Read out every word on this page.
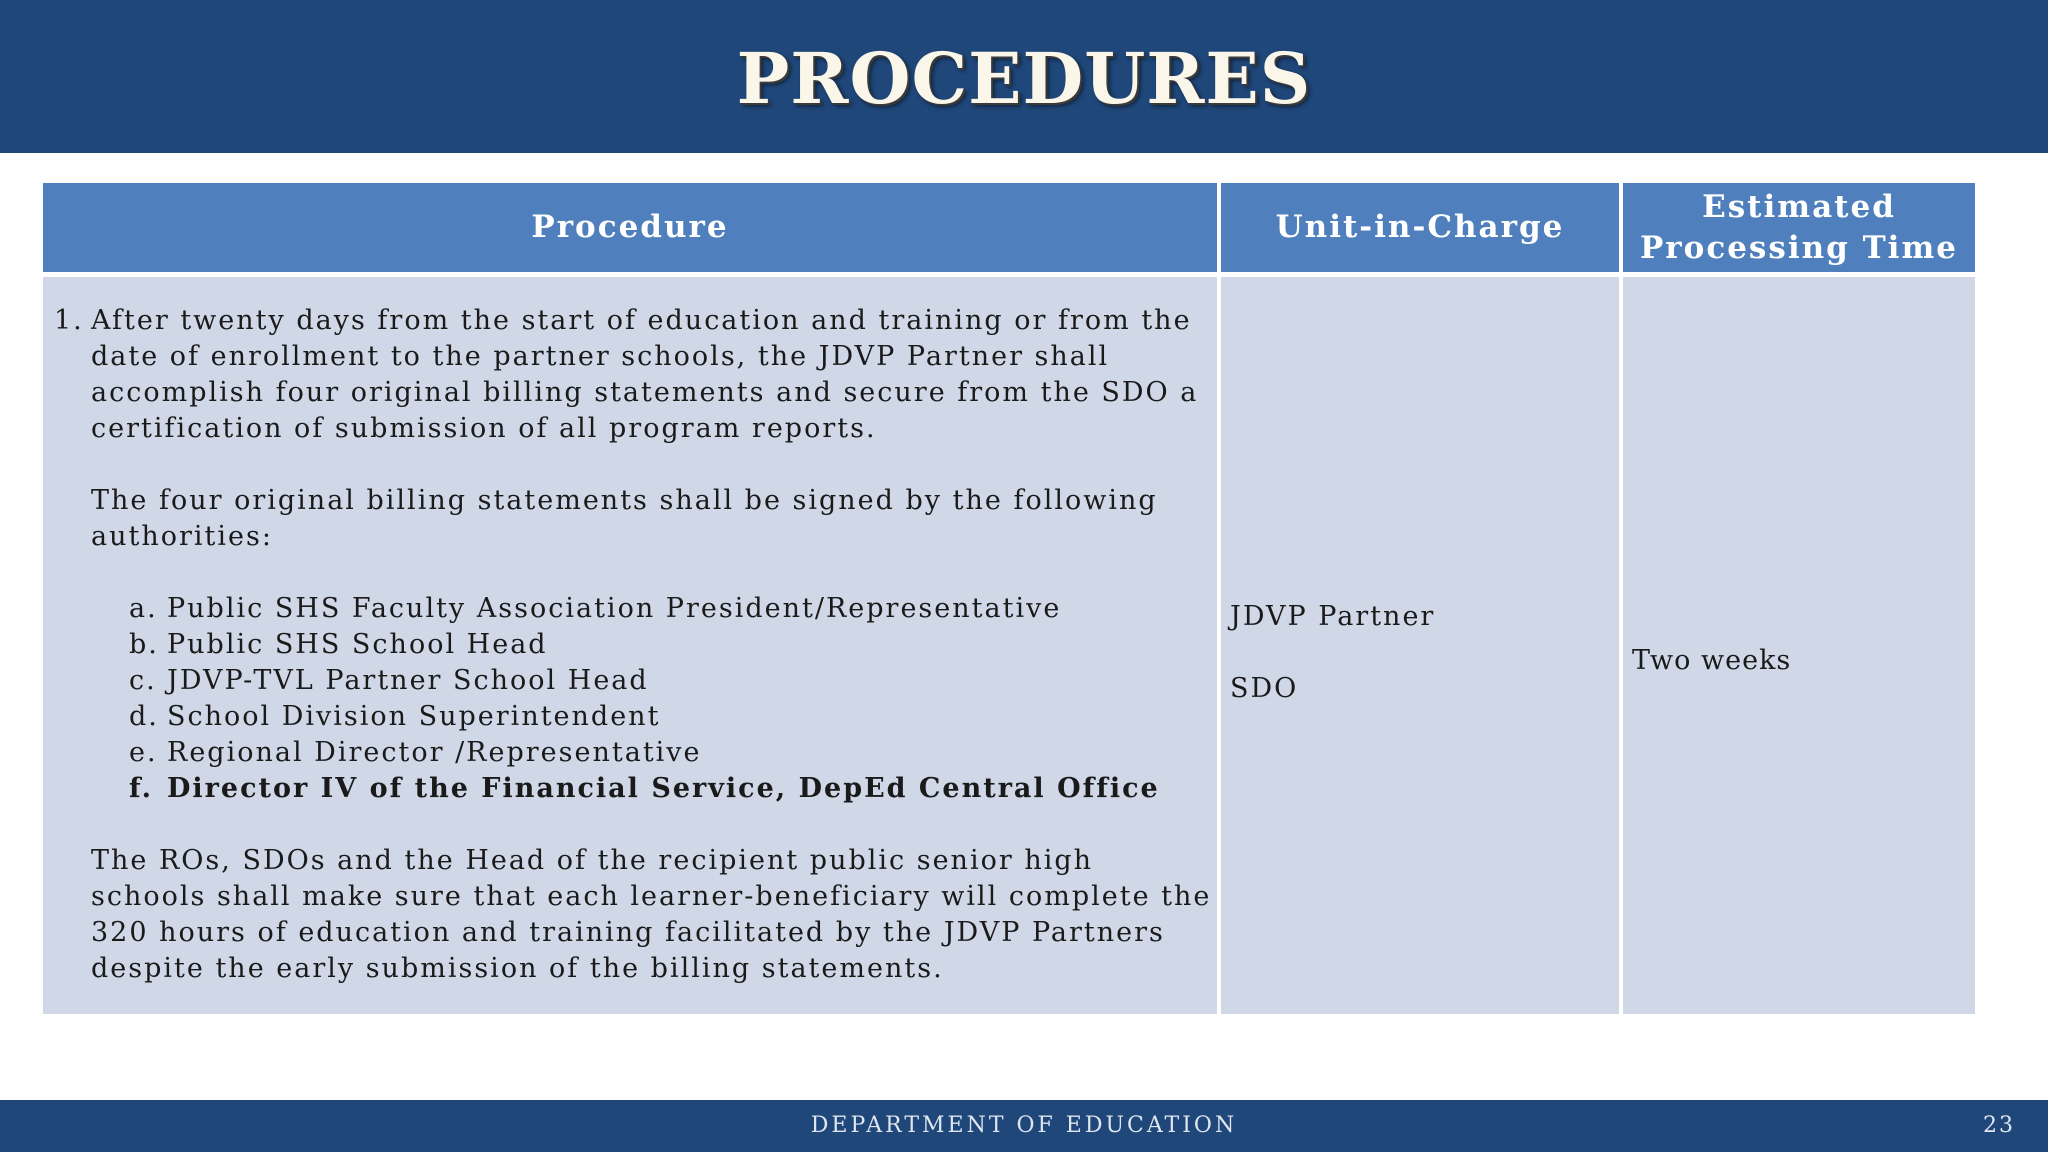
PROCEDURES
Procedure	Unit-in-Charge
Estimated
Processing Time
1. After twenty days from the start of education and training or from the date of enrollment to the partner schools, the JDVP Partner shall accomplish four original billing statements and secure from the SDO a certification of submission of all program reports.

The four original billing statements shall be signed by the following authorities:

a. Public SHS Faculty Association President/Representative
b. Public SHS School Head
c. JDVP-TVL Partner School Head
d. School Division Superintendent
e. Regional Director /Representative
f. Director IV of the Financial Service, DepEd Central Office

The ROs, SDOs and the Head of the recipient public senior high schools shall make sure that each learner-beneficiary will complete the 320 hours of education and training facilitated by the JDVP Partners despite the early submission of the billing statements.

JDVP Partner
SDO
Two weeks
DEPARTMENT OF EDUCATION	23
